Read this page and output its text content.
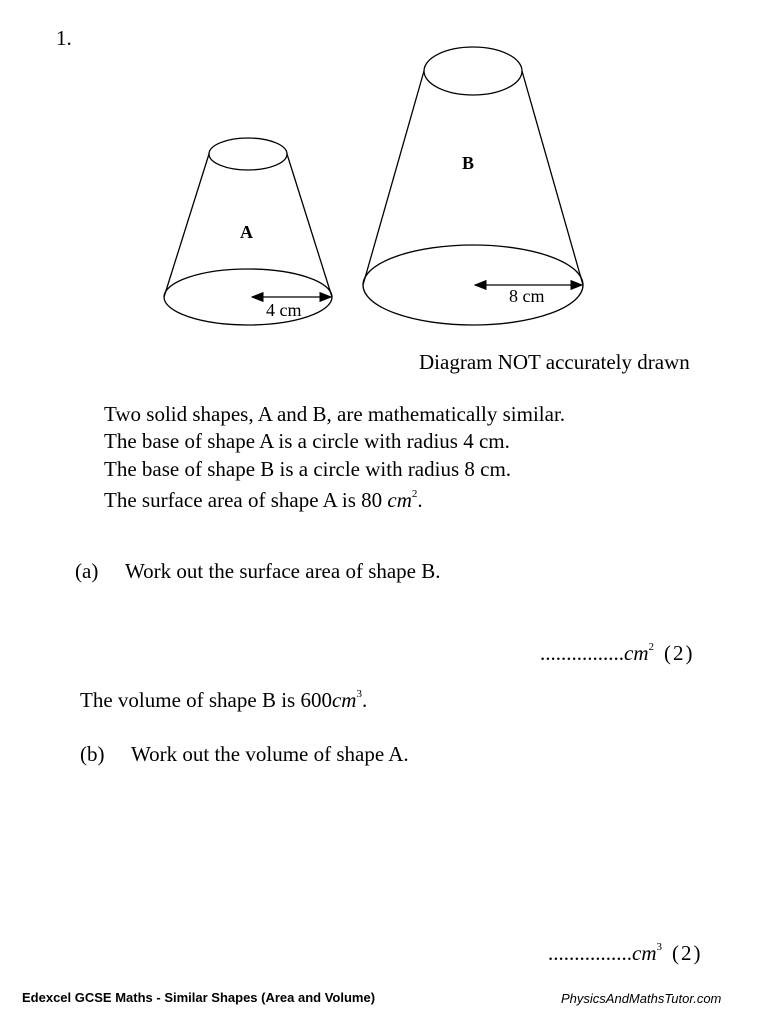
1.
A
4 cm
B
8 cm
Diagram NOT accurately drawn
Two solid shapes, A and B, are mathematically similar.
The base of shape A is a circle with radius 4 cm.
The base of shape B is a circle with radius 8 cm.
The surface area of shape A is 80 $cm^2$.
(a) Work out the surface area of shape B.
$................cm^2$ (2)
The volume of shape B is $600cm^3$.
(b) Work out the volume of shape A.
$................cm^3$ (2)
Edexcel GCSE Maths - Similar Shapes (Area and Volume)	PhysicsAndMathsTutor.com
